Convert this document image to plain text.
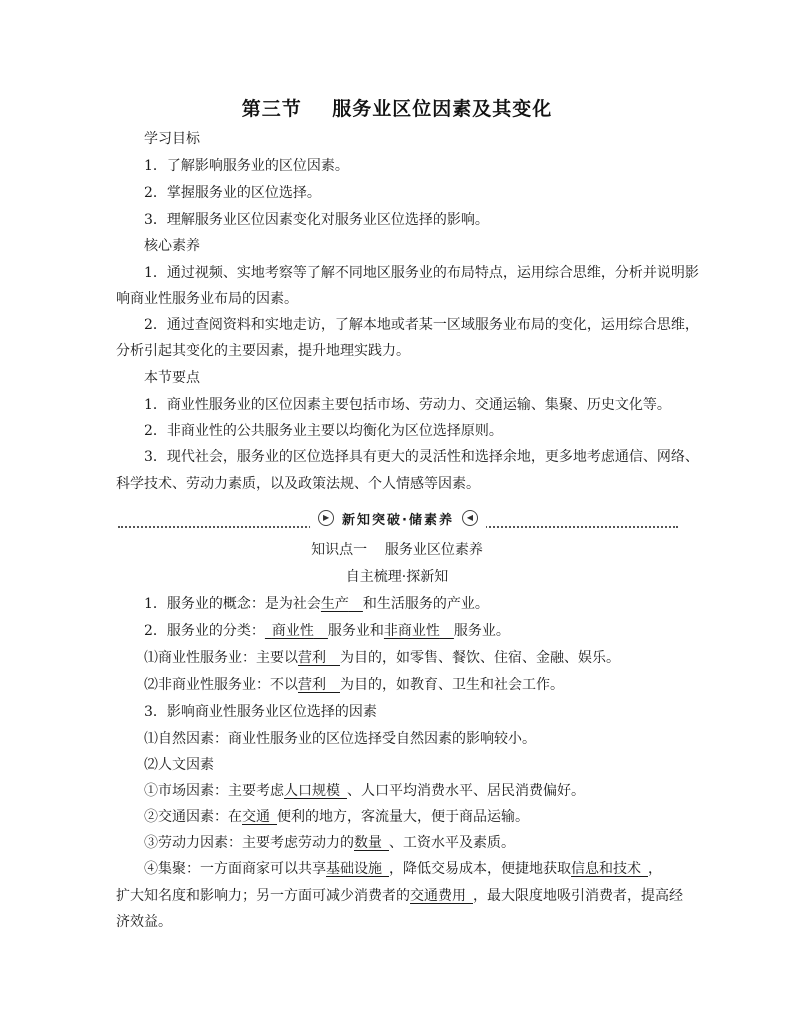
第三节    服务业区位因素及其变化
学习目标
1．了解影响服务业的区位因素。
2．掌握服务业的区位选择。
3．理解服务业区位因素变化对服务业区位选择的影响。
核心素养
1．通过视频、实地考察等了解不同地区服务业的布局特点，运用综合思维，分析并说明影
响商业性服务业布局的因素。
2．通过查阅资料和实地走访，了解本地或者某一区域服务业布局的变化，运用综合思维，
分析引起其变化的主要因素，提升地理实践力。
本节要点
1．商业性服务业的区位因素主要包括市场、劳动力、交通运输、集聚、历史文化等。
2．非商业性的公共服务业主要以均衡化为区位选择原则。
3．现代社会，服务业的区位选择具有更大的灵活性和选择余地，更多地考虑通信、网络、
科学技术、劳动力素质，以及政策法规、个人情感等因素。
▶ 新知突破·储素养	◀
知识点一    服务业区位素养
自主梳理·探新知
1．服务业的概念：是为社会生产  和生活服务的产业。
2．服务业的分类：  商业性  服务业和非商业性  服务业。
⑴商业性服务业：主要以营利  为目的，如零售、餐饮、住宿、金融、娱乐。
⑵非商业性服务业：不以营利  为目的，如教育、卫生和社会工作。
3．影响商业性服务业区位选择的因素
⑴自然因素：商业性服务业的区位选择受自然因素的影响较小。
⑵人文因素
①市场因素：主要考虑人口规模  、人口平均消费水平、居民消费偏好。
②交通因素：在交通  便利的地方，客流量大，便于商品运输。
③劳动力因素：主要考虑劳动力的数量  、工资水平及素质。
④集聚：一方面商家可以共享基础设施  ，降低交易成本，便捷地获取信息和技术  ，
扩大知名度和影响力；另一方面可减少消费者的交通费用  ，最大限度地吸引消费者，提高经
济效益。
